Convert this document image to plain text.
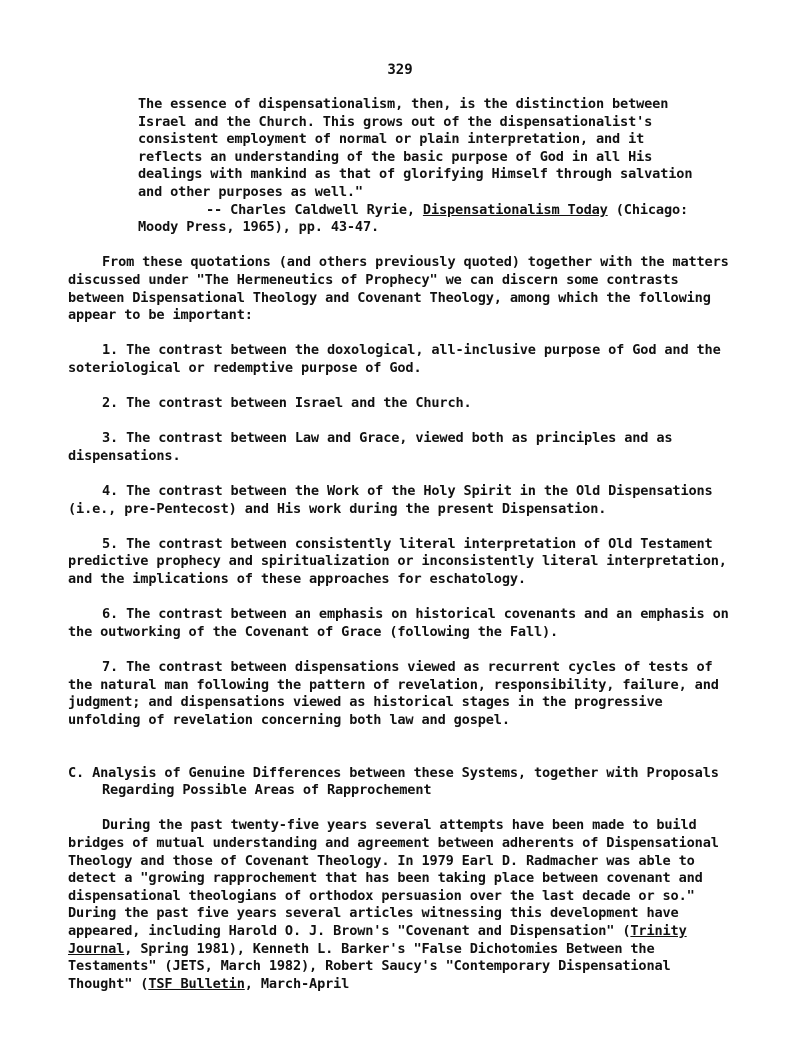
329

The essence of dispensationalism, then, is the distinction between

Israel and the Church. This grows out of the dispensationalist's

consistent employment of normal or plain interpretation, and it

reflects an understanding of the basic purpose of God in all His

dealings with mankind as that of glorifying Himself through salvation

and other purposes as well."

-- Charles Caldwell Ryrie, Dispensationalism Today (Chicago:
Moody Press, 1965), pp. 43-47.

From these quotations (and others previously quoted) together with the matters discussed under "The Hermeneutics of Prophecy" we can discern some contrasts between Dispensational Theology and Covenant Theology, among which the following appear to be important:

1. The contrast between the doxological, all-inclusive purpose of God and the soteriological or redemptive purpose of God.

2. The contrast between Israel and the Church.

3. The contrast between Law and Grace, viewed both as principles and as dispensations.

4. The contrast between the Work of the Holy Spirit in the Old Dispensations (i.e., pre-Pentecost) and His work during the present Dispensation.

5. The contrast between consistently literal interpretation of Old Testament predictive prophecy and spiritualization or inconsistently literal interpretation, and the implications of these approaches for eschatology.

6. The contrast between an emphasis on historical covenants and an emphasis on the outworking of the Covenant of Grace (following the Fall).

7. The contrast between dispensations viewed as recurrent cycles of tests of the natural man following the pattern of revelation, responsibility, failure, and judgment; and dispensations viewed as historical stages in the progressive unfolding of revelation concerning both law and gospel.

C. Analysis of Genuine Differences between these Systems, together with Proposals Regarding Possible Areas of Rapprochement

During the past twenty-five years several attempts have been made to build bridges of mutual understanding and agreement between adherents of Dispensational Theology and those of Covenant Theology. In 1979 Earl D. Radmacher was able to detect a "growing rapprochement that has been taking place between covenant and dispensational theologians of orthodox persuasion over the last decade or so." During the past five years several articles witnessing this development have appeared, including Harold O. J. Brown's "Covenant and Dispensation" (Trinity Journal, Spring 1981), Kenneth L. Barker's "False Dichotomies Between the Testaments" (JETS, March 1982), Robert Saucy's "Contemporary Dispensational Thought" (TSF Bulletin, March-April
